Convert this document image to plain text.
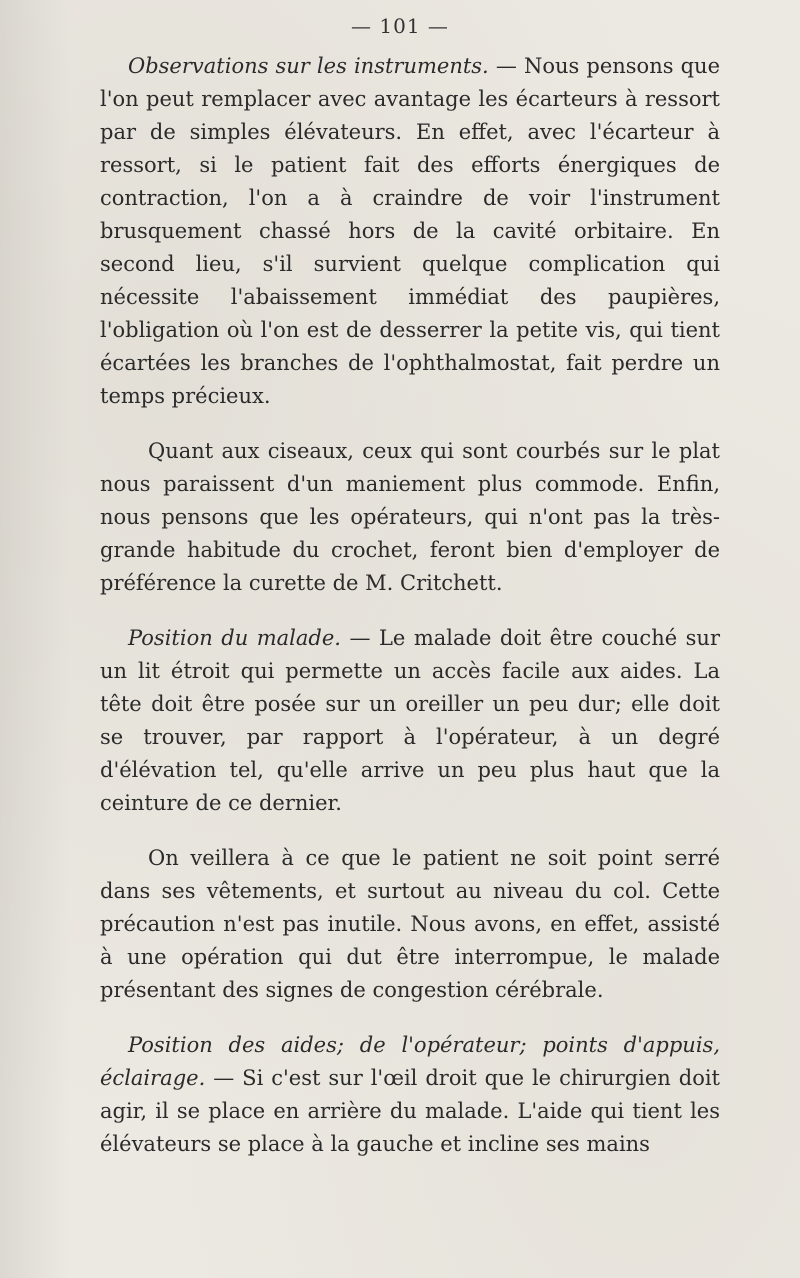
— 101 —

Observations sur les instruments. — Nous pensons que l'on peut remplacer avec avantage les écarteurs à ressort par de simples élévateurs. En effet, avec l'écarteur à ressort, si le patient fait des efforts énergiques de contraction, l'on a à craindre de voir l'instrument brusquement chassé hors de la cavité orbitaire. En second lieu, s'il survient quelque complication qui nécessite l'abaissement immédiat des paupières, l'obligation où l'on est de desserrer la petite vis, qui tient écartées les branches de l'ophthalmostat, fait perdre un temps précieux.

Quant aux ciseaux, ceux qui sont courbés sur le plat nous paraissent d'un maniement plus commode. Enfin, nous pensons que les opérateurs, qui n'ont pas la très-grande habitude du crochet, feront bien d'employer de préférence la curette de M. Critchett.

Position du malade. — Le malade doit être couché sur un lit étroit qui permette un accès facile aux aides. La tête doit être posée sur un oreiller un peu dur; elle doit se trouver, par rapport à l'opérateur, à un degré d'élévation tel, qu'elle arrive un peu plus haut que la ceinture de ce dernier.

On veillera à ce que le patient ne soit point serré dans ses vêtements, et surtout au niveau du col. Cette précaution n'est pas inutile. Nous avons, en effet, assisté à une opération qui dut être interrompue, le malade présentant des signes de congestion cérébrale.

Position des aides; de l'opérateur; points d'appuis, éclairage. — Si c'est sur l'œil droit que le chirurgien doit agir, il se place en arrière du malade. L'aide qui tient les élévateurs se place à la gauche et incline ses mains
